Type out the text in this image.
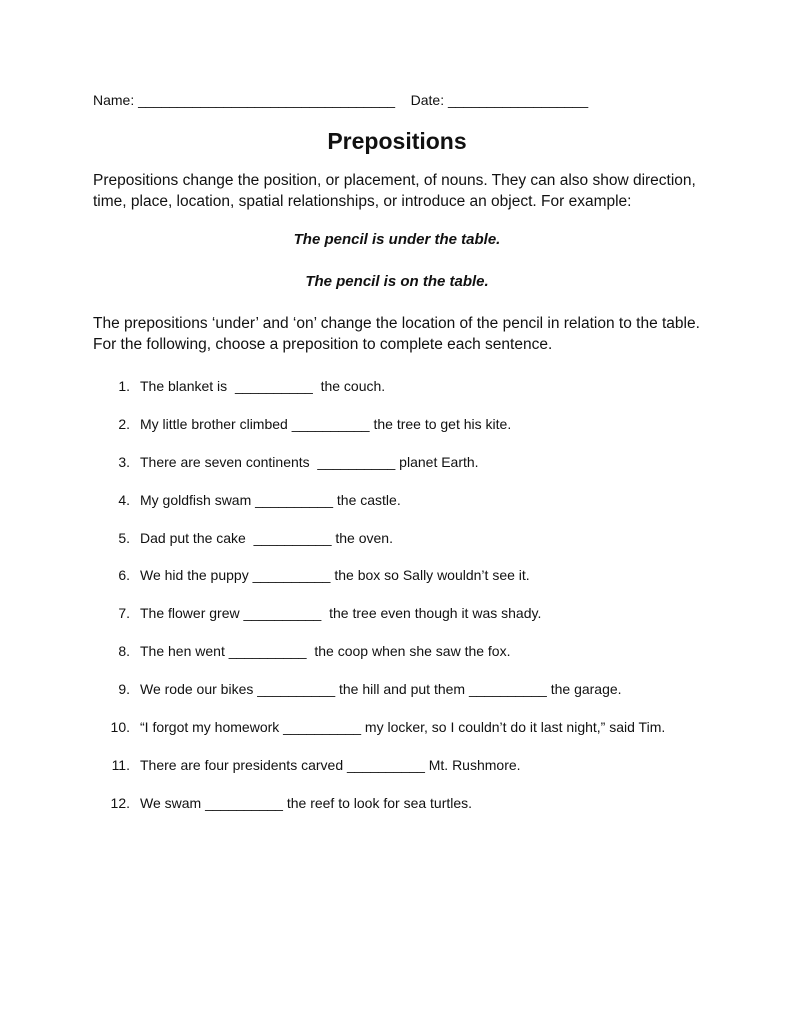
Name: _________________________________    Date: __________________
Prepositions

Prepositions change the position, or placement, of nouns. They can also show direction, time, place, location, spatial relationships, or introduce an object. For example:

The pencil is under the table.

The pencil is on the table.

The prepositions ‘under’ and ‘on’ change the location of the pencil in relation to the table. For the following, choose a preposition to complete each sentence.

1.

The blanket is  __________  the couch.

2.

My little brother climbed __________ the tree to get his kite.

3.

There are seven continents  __________ planet Earth.

4.

My goldfish swam __________ the castle.

5.

Dad put the cake  __________ the oven.

6.

We hid the puppy __________ the box so Sally wouldn’t see it.

7.

The flower grew __________  the tree even though it was shady.

8.

The hen went __________  the coop when she saw the fox.

9.

We rode our bikes __________ the hill and put them __________ the garage.

10.

“I forgot my homework __________ my locker, so I couldn’t do it last night,” said Tim.

11.

There are four presidents carved __________ Mt. Rushmore.

12.

We swam __________ the reef to look for sea turtles.
